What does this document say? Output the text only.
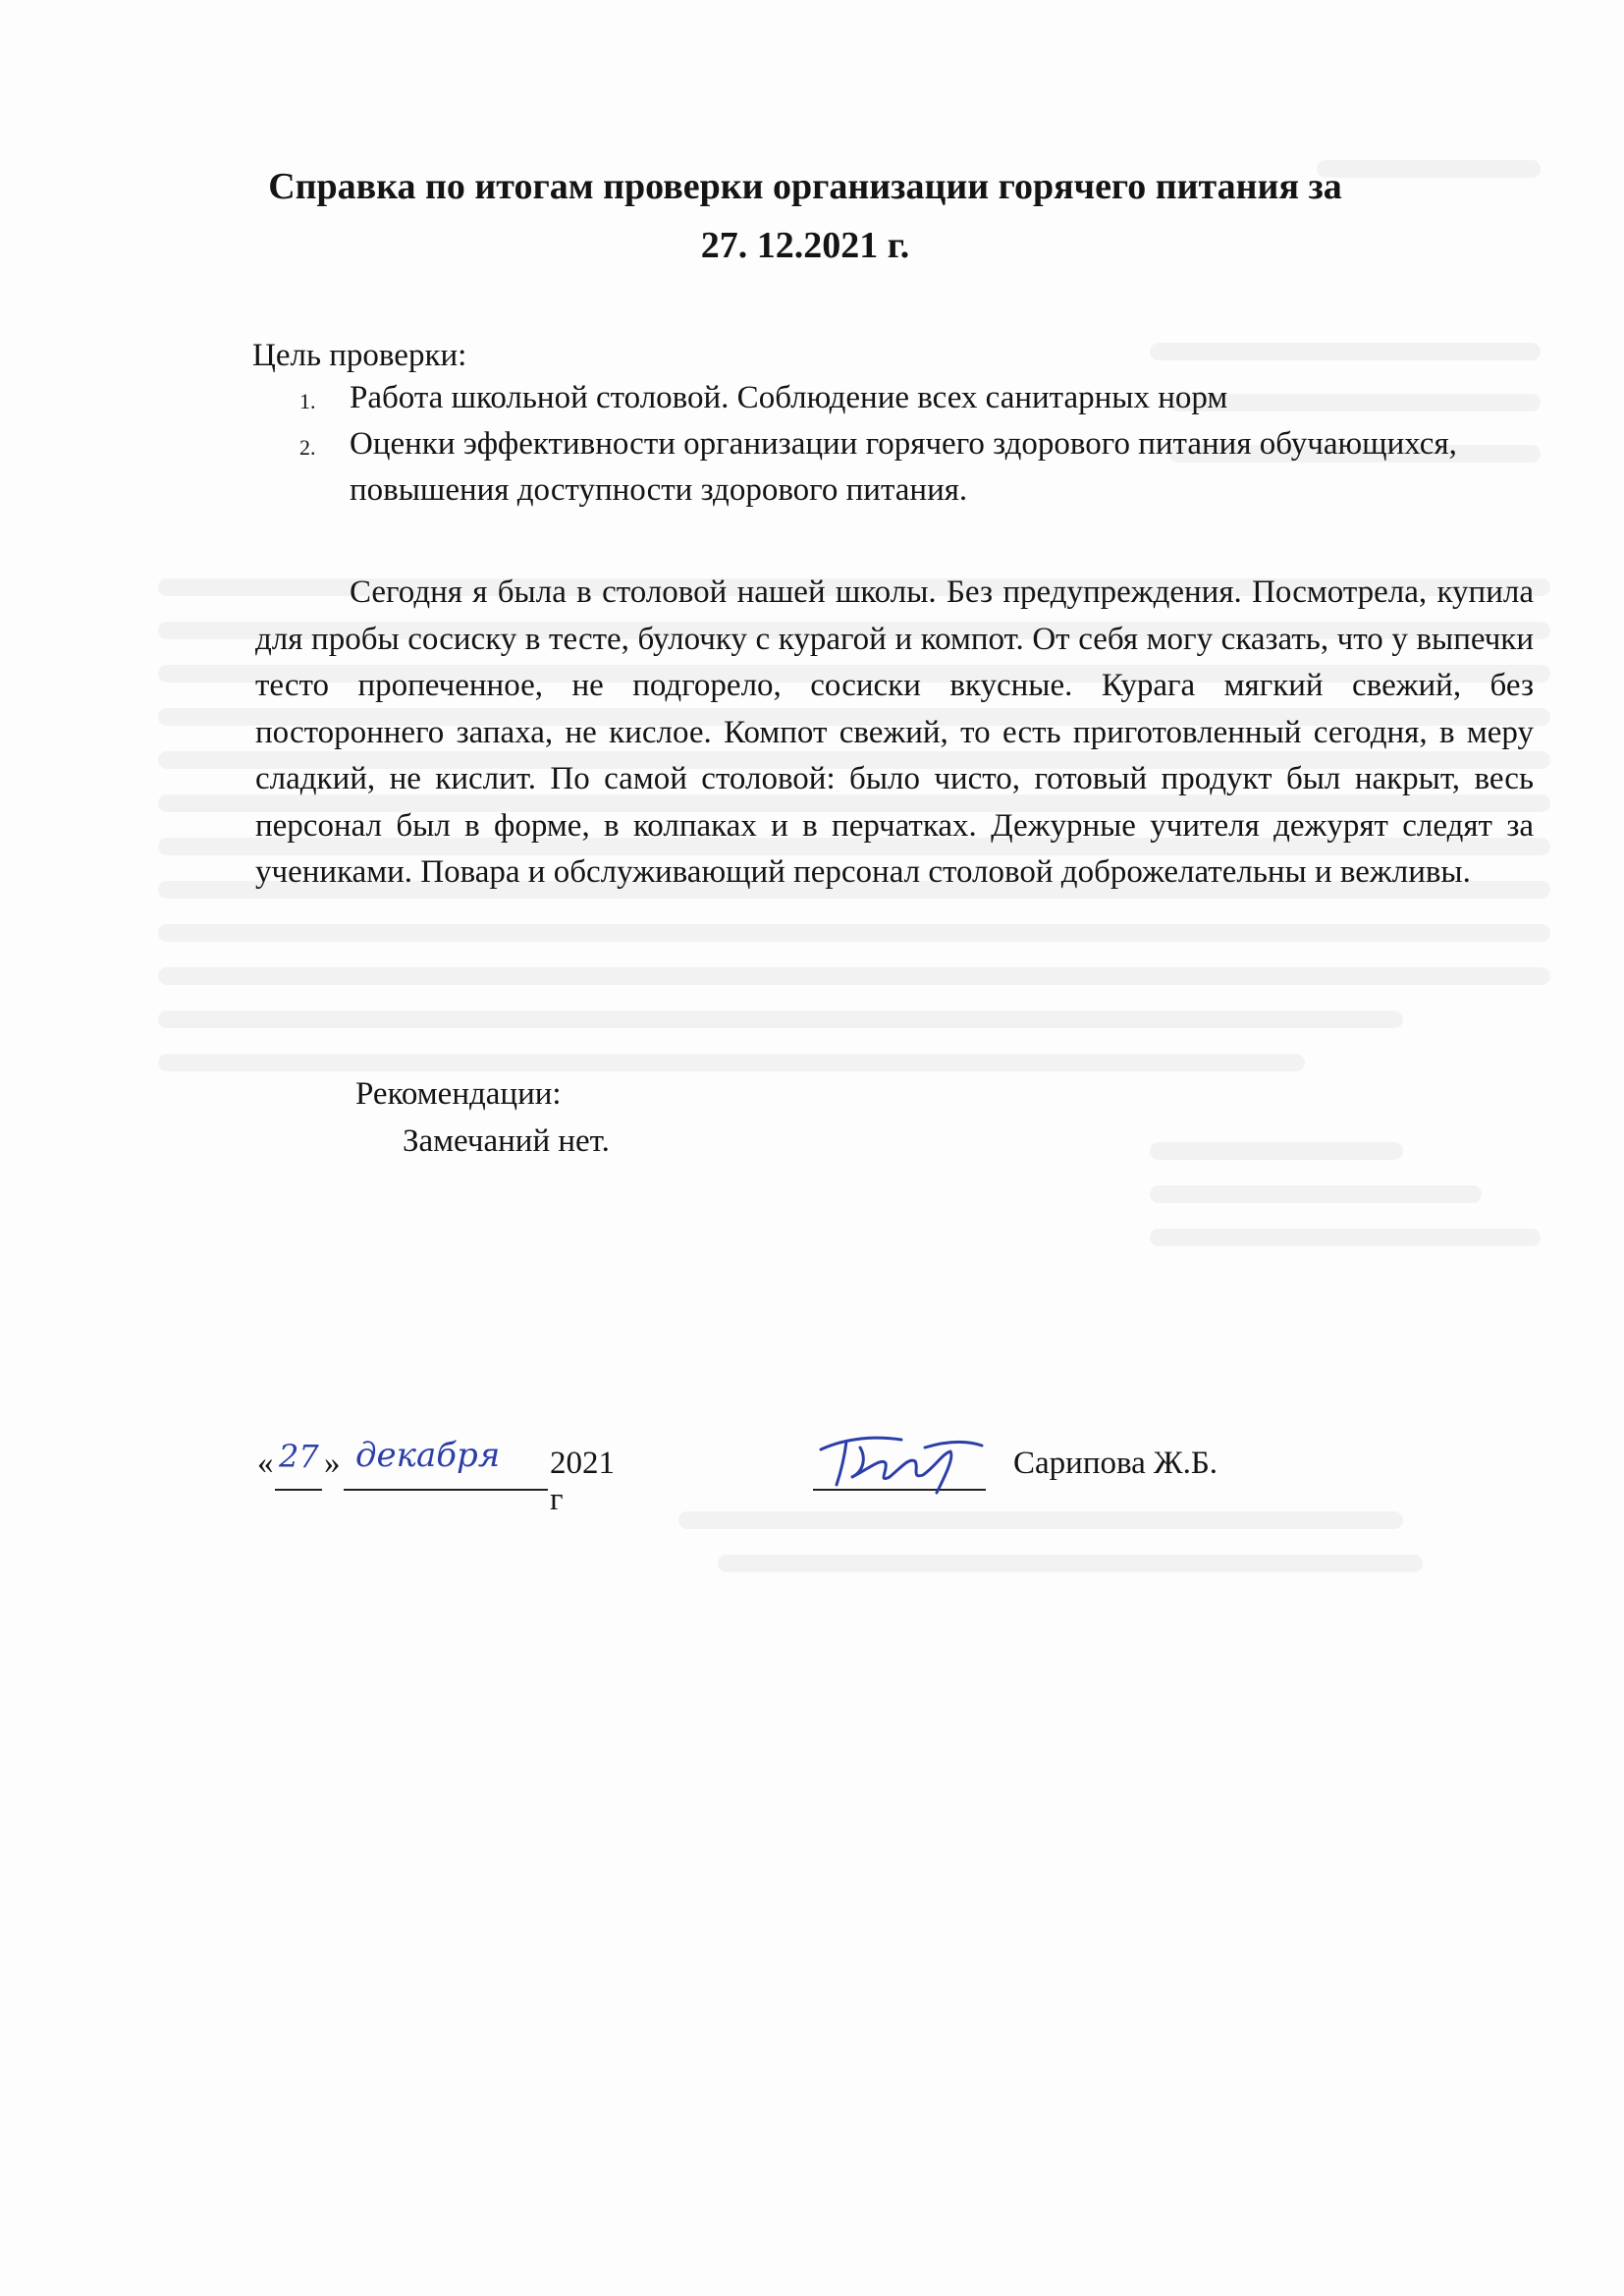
Справка по итогам проверки организации горячего питания за
27. 12.2021 г.
Цель проверки:
1. Работа школьной столовой. Соблюдение всех санитарных норм
2. Оценки эффективности организации горячего здорового питания обучающихся, повышения доступности здорового питания.

Сегодня я была в столовой нашей школы. Без предупреждения. Посмотрела, купила для пробы сосиску в тесте, булочку с курагой и компот. От себя могу сказать, что у выпечки тесто пропеченное, не подгорело, сосиски вкусные. Курага мягкий свежий, без постороннего запаха, не кислое. Компот свежий, то есть приготовленный сегодня, в меру сладкий, не кислит. По самой столовой: было чисто, готовый продукт был накрыт, весь персонал был в форме, в колпаках и в перчатках. Дежурные учителя дежурят следят за учениками. Повара и обслуживающий персонал столовой доброжелательны и вежливы.

Рекомендации:
Замечаний нет.
« 27 » декабря 2021 г
Сарипова Ж.Б.
